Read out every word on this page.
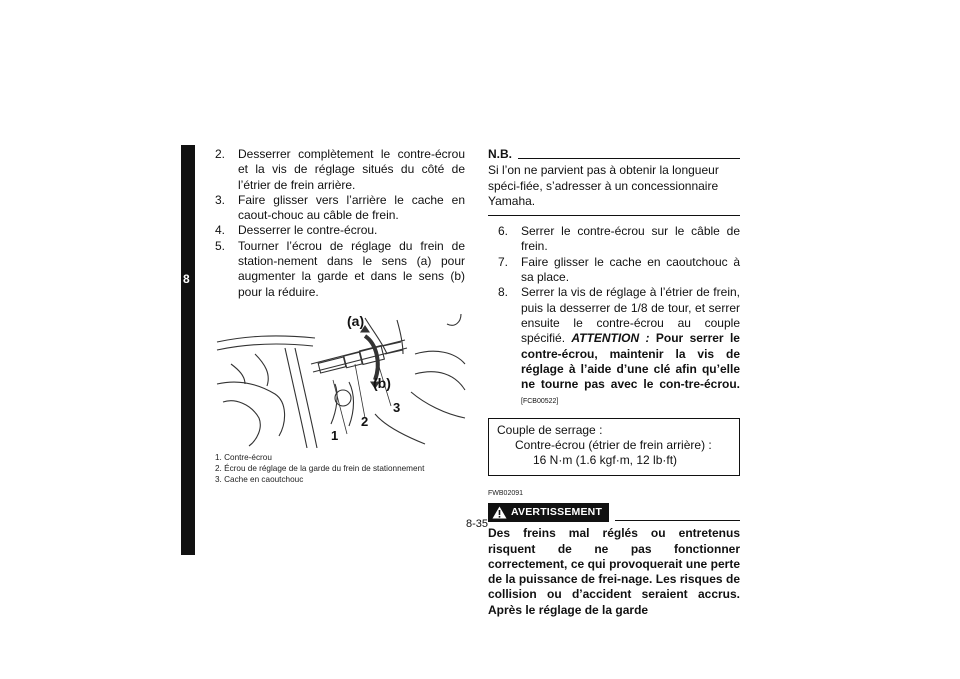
8
2. Desserrer complètement le contre-écrou et la vis de réglage situés du côté de l’étrier de frein arrière.
3. Faire glisser vers l’arrière le cache en caout-chouc au câble de frein.
4. Desserrer le contre-écrou.
5. Tourner l’écrou de réglage du frein de station-nement dans le sens (a) pour augmenter la garde et dans le sens (b) pour la réduire.
(a)
(b)
1
2
3
1. Contre-écrou
2. Écrou de réglage de la garde du frein de stationnement
3. Cache en caoutchouc
N.B.
Si l’on ne parvient pas à obtenir la longueur spéci-fiée, s’adresser à un concessionnaire Yamaha.
6. Serrer le contre-écrou sur le câble de frein.
7. Faire glisser le cache en caoutchouc à sa place.
8. Serrer la vis de réglage à l’étrier de frein, puis la desserrer de 1/8 de tour, et serrer ensuite le contre-écrou au couple spécifié. ATTENTION : Pour serrer le contre-écrou, maintenir la vis de réglage à l’aide d’une clé afin qu’elle ne tourne pas avec le con-tre-écrou. [FCB00522]
Couple de serrage :
Contre-écrou (étrier de frein arrière) :
16 N·m (1.6 kgf·m, 12 lb·ft)
FWB02091
AVERTISSEMENT
Des freins mal réglés ou entretenus risquent de ne pas fonctionner correctement, ce qui provoquerait une perte de la puissance de frei-nage. Les risques de collision ou d’accident seraient accrus. Après le réglage de la garde
8-35
